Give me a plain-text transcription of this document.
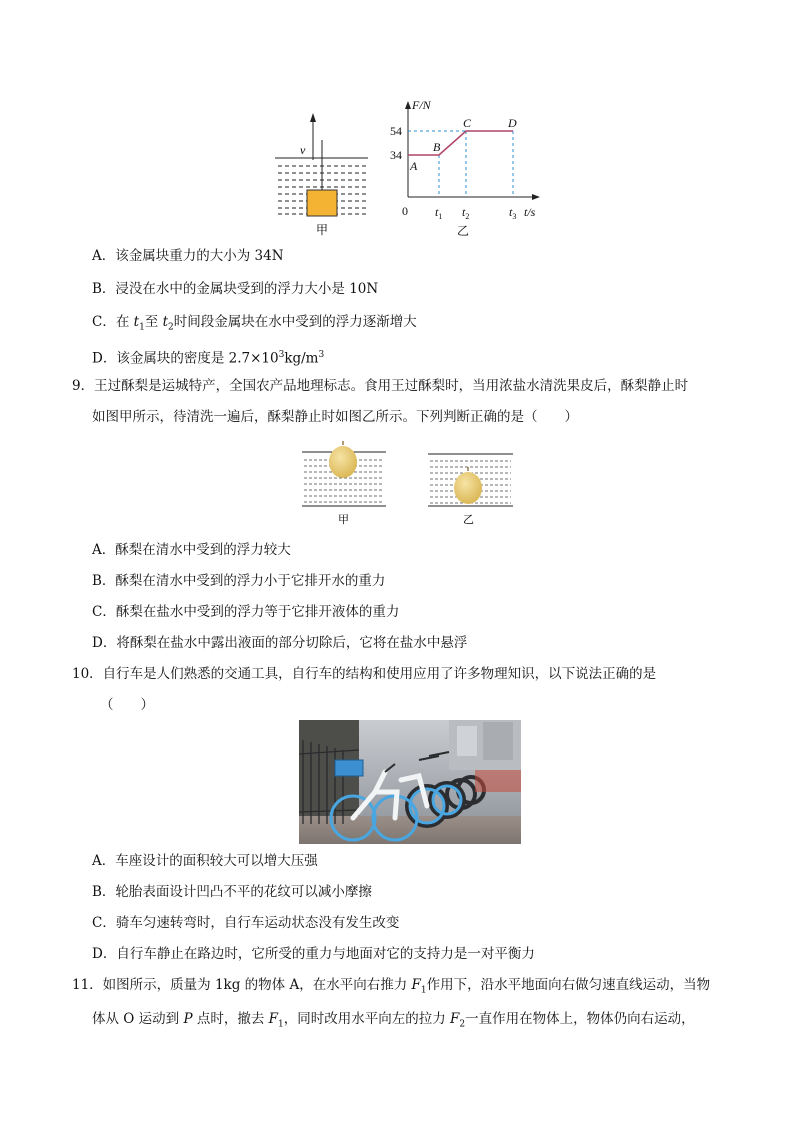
v
甲
F/N
t/s
0
54
34
A
B
C	D
$t_1$ $t_2$	$t_3$
乙
A．该金属块重力的大小为 34N
B．浸没在水中的金属块受到的浮力大小是 10N
C．在 $t_1$至 $t_2$时间段金属块在水中受到的浮力逐渐增大
D．该金属块的密度是 $2.7\times 10^3kg/m^3$
9．王过酥梨是运城特产，全国农产品地理标志。食用王过酥梨时，当用浓盐水清洗果皮后，酥梨静止时
如图甲所示，待清洗一遍后，酥梨静止时如图乙所示。下列判断正确的是（　　）
甲	乙
A．酥梨在清水中受到的浮力较大
B．酥梨在清水中受到的浮力小于它排开水的重力
C．酥梨在盐水中受到的浮力等于它排开液体的重力
D．将酥梨在盐水中露出液面的部分切除后，它将在盐水中悬浮
10．自行车是人们熟悉的交通工具，自行车的结构和使用应用了许多物理知识，以下说法正确的是
（　　）
A．车座设计的面积较大可以增大压强
B．轮胎表面设计凹凸不平的花纹可以减小摩擦
C．骑车匀速转弯时，自行车运动状态没有发生改变
D．自行车静止在路边时，它所受的重力与地面对它的支持力是一对平衡力
11．如图所示，质量为 1kg 的物体 A，在水平向右推力 $F_1$作用下，沿水平地面向右做匀速直线运动，当物
体从 O 运动到 P 点时，撤去 $F_1$，同时改用水平向左的拉力 $F_2$一直作用在物体上，物体仍向右运动，
